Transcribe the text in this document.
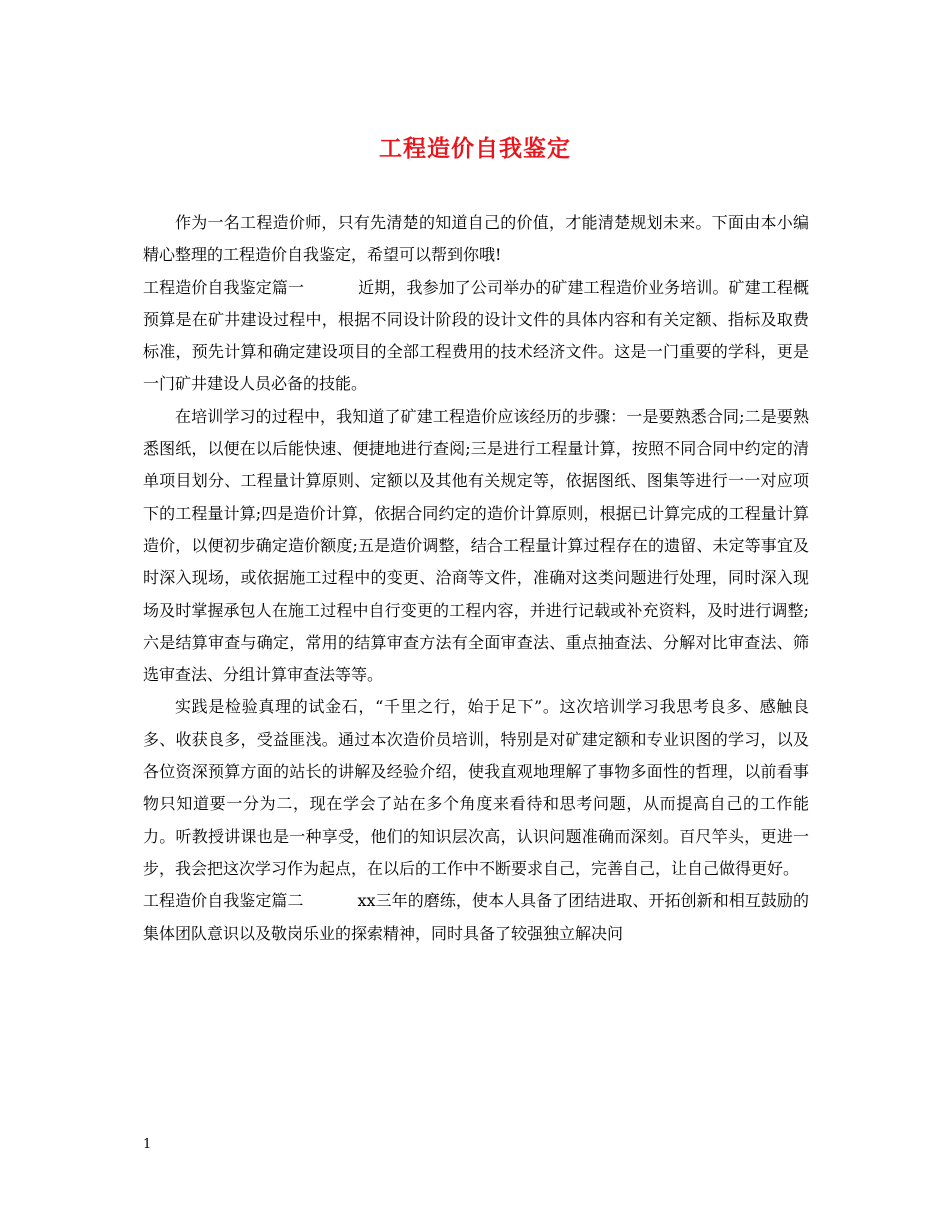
工程造价自我鉴定

作为一名工程造价师，只有先清楚的知道自己的价值，才能清楚规划未来。下面由本小编精心整理的工程造价自我鉴定，希望可以帮到你哦!

工程造价自我鉴定篇一	近期，我参加了公司举办的矿建工程造价业务培训。矿建工程概预算是在矿井建设过程中，根据不同设计阶段的设计文件的具体内容和有关定额、指标及取费标准，预先计算和确定建设项目的全部工程费用的技术经济文件。这是一门重要的学科，更是一门矿井建设人员必备的技能。

在培训学习的过程中，我知道了矿建工程造价应该经历的步骤：一是要熟悉合同;二是要熟悉图纸，以便在以后能快速、便捷地进行查阅;三是进行工程量计算，按照不同合同中约定的清单项目划分、工程量计算原则、定额以及其他有关规定等，依据图纸、图集等进行一一对应项下的工程量计算;四是造价计算，依据合同约定的造价计算原则，根据已计算完成的工程量计算造价，以便初步确定造价额度;五是造价调整，结合工程量计算过程存在的遗留、未定等事宜及时深入现场，或依据施工过程中的变更、洽商等文件，准确对这类问题进行处理，同时深入现场及时掌握承包人在施工过程中自行变更的工程内容，并进行记载或补充资料，及时进行调整;六是结算审查与确定，常用的结算审查方法有全面审查法、重点抽查法、分解对比审查法、筛选审查法、分组计算审查法等等。

实践是检验真理的试金石，“千里之行，始于足下”。这次培训学习我思考良多、感触良多、收获良多，受益匪浅。通过本次造价员培训，特别是对矿建定额和专业识图的学习，以及各位资深预算方面的站长的讲解及经验介绍，使我直观地理解了事物多面性的哲理，以前看事物只知道要一分为二，现在学会了站在多个角度来看待和思考问题，从而提高自己的工作能力。听教授讲课也是一种享受，他们的知识层次高，认识问题准确而深刻。百尺竿头，更进一步，我会把这次学习作为起点，在以后的工作中不断要求自己，完善自己，让自己做得更好。

工程造价自我鉴定篇二	xx三年的磨练，使本人具备了团结进取、开拓创新和相互鼓励的集体团队意识以及敬岗乐业的探索精神，同时具备了较强独立解决问

1
